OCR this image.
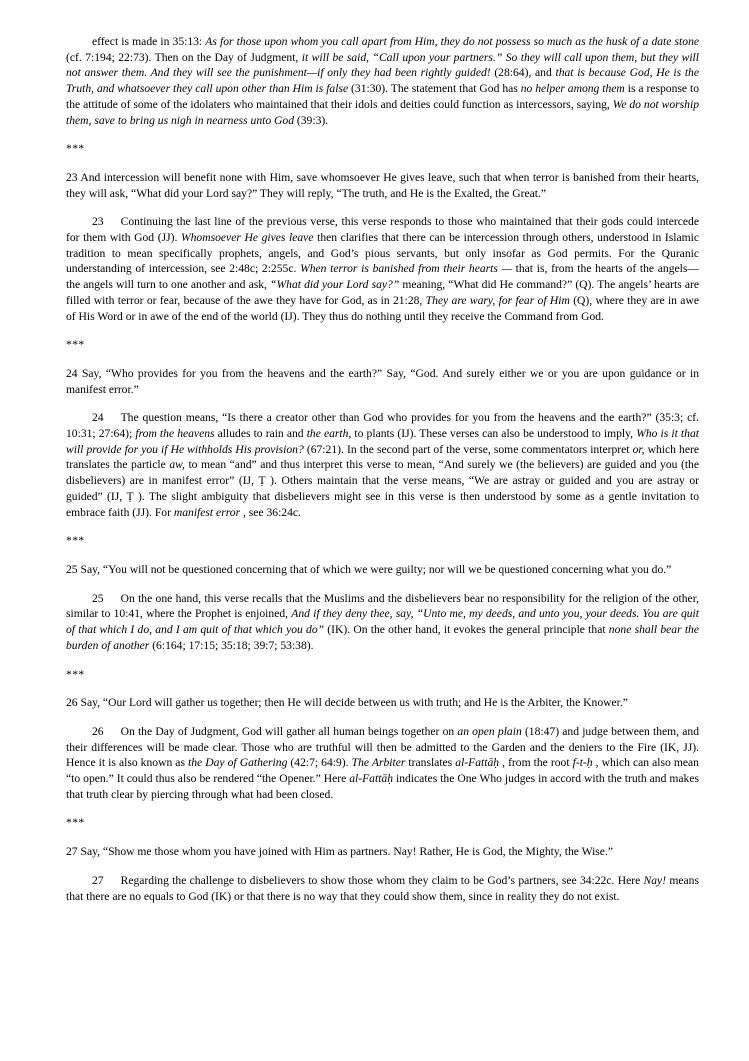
effect is made in 35:13: As for those upon whom you call apart from Him, they do not possess so much as the husk of a date stone (cf. 7:194; 22:73). Then on the Day of Judgment, it will be said, “Call upon your partners.” So they will call upon them, but they will not answer them. And they will see the punishment—if only they had been rightly guided! (28:64), and that is because God, He is the Truth, and whatsoever they call upon other than Him is false (31:30). The statement that God has no helper among them is a response to the attitude of some of the idolaters who maintained that their idols and deities could function as intercessors, saying, We do not worship them, save to bring us nigh in nearness unto God (39:3).

***

23 And intercession will benefit none with Him, save whomsoever He gives leave, such that when terror is banished from their hearts, they will ask, “What did your Lord say?” They will reply, “The truth, and He is the Exalted, the Great.”

23 Continuing the last line of the previous verse, this verse responds to those who maintained that their gods could intercede for them with God (JJ). Whomsoever He gives leave then clarifies that there can be intercession through others, understood in Islamic tradition to mean specifically prophets, angels, and God’s pious servants, but only insofar as God permits. For the Quranic understanding of intercession, see 2:48c; 2:255c. When terror is banished from their hearts — that is, from the hearts of the angels— the angels will turn to one another and ask, “What did your Lord say?” meaning, “What did He command?” (Q). The angels’ hearts are filled with terror or fear, because of the awe they have for God, as in 21:28, They are wary, for fear of Him (Q), where they are in awe of His Word or in awe of the end of the world (IJ). They thus do nothing until they receive the Command from God.

***

24 Say, “Who provides for you from the heavens and the earth?” Say, “God. And surely either we or you are upon guidance or in manifest error.”

24 The question means, “Is there a creator other than God who provides for you from the heavens and the earth?” (35:3; cf. 10:31; 27:64); from the heavens alludes to rain and the earth, to plants (IJ). These verses can also be understood to imply, Who is it that will provide for you if He withholds His provision? (67:21). In the second part of the verse, some commentators interpret or, which here translates the particle aw, to mean “and” and thus interpret this verse to mean, “And surely we (the believers) are guided and you (the disbelievers) are in manifest error” (IJ, Ṭ ). Others maintain that the verse means, “We are astray or guided and you are astray or guided” (IJ, Ṭ ). The slight ambiguity that disbelievers might see in this verse is then understood by some as a gentle invitation to embrace faith (JJ). For manifest error , see 36:24c.

***

25 Say, “You will not be questioned concerning that of which we were guilty; nor will we be questioned concerning what you do.”

25 On the one hand, this verse recalls that the Muslims and the disbelievers bear no responsibility for the religion of the other, similar to 10:41, where the Prophet is enjoined, And if they deny thee, say, “Unto me, my deeds, and unto you, your deeds. You are quit of that which I do, and I am quit of that which you do” (IK). On the other hand, it evokes the general principle that none shall bear the burden of another (6:164; 17:15; 35:18; 39:7; 53:38).

***

26 Say, “Our Lord will gather us together; then He will decide between us with truth; and He is the Arbiter, the Knower.”

26 On the Day of Judgment, God will gather all human beings together on an open plain (18:47) and judge between them, and their differences will be made clear. Those who are truthful will then be admitted to the Garden and the deniers to the Fire (IK, JJ). Hence it is also known as the Day of Gathering (42:7; 64:9). The Arbiter translates al-Fattāḥ , from the root f-t-ḥ , which can also mean “to open.” It could thus also be rendered “the Opener.” Here al-Fattāḥ indicates the One Who judges in accord with the truth and makes that truth clear by piercing through what had been closed.

***

27 Say, “Show me those whom you have joined with Him as partners. Nay! Rather, He is God, the Mighty, the Wise.”

27 Regarding the challenge to disbelievers to show those whom they claim to be God’s partners, see 34:22c. Here Nay! means that there are no equals to God (IK) or that there is no way that they could show them, since in reality they do not exist.
